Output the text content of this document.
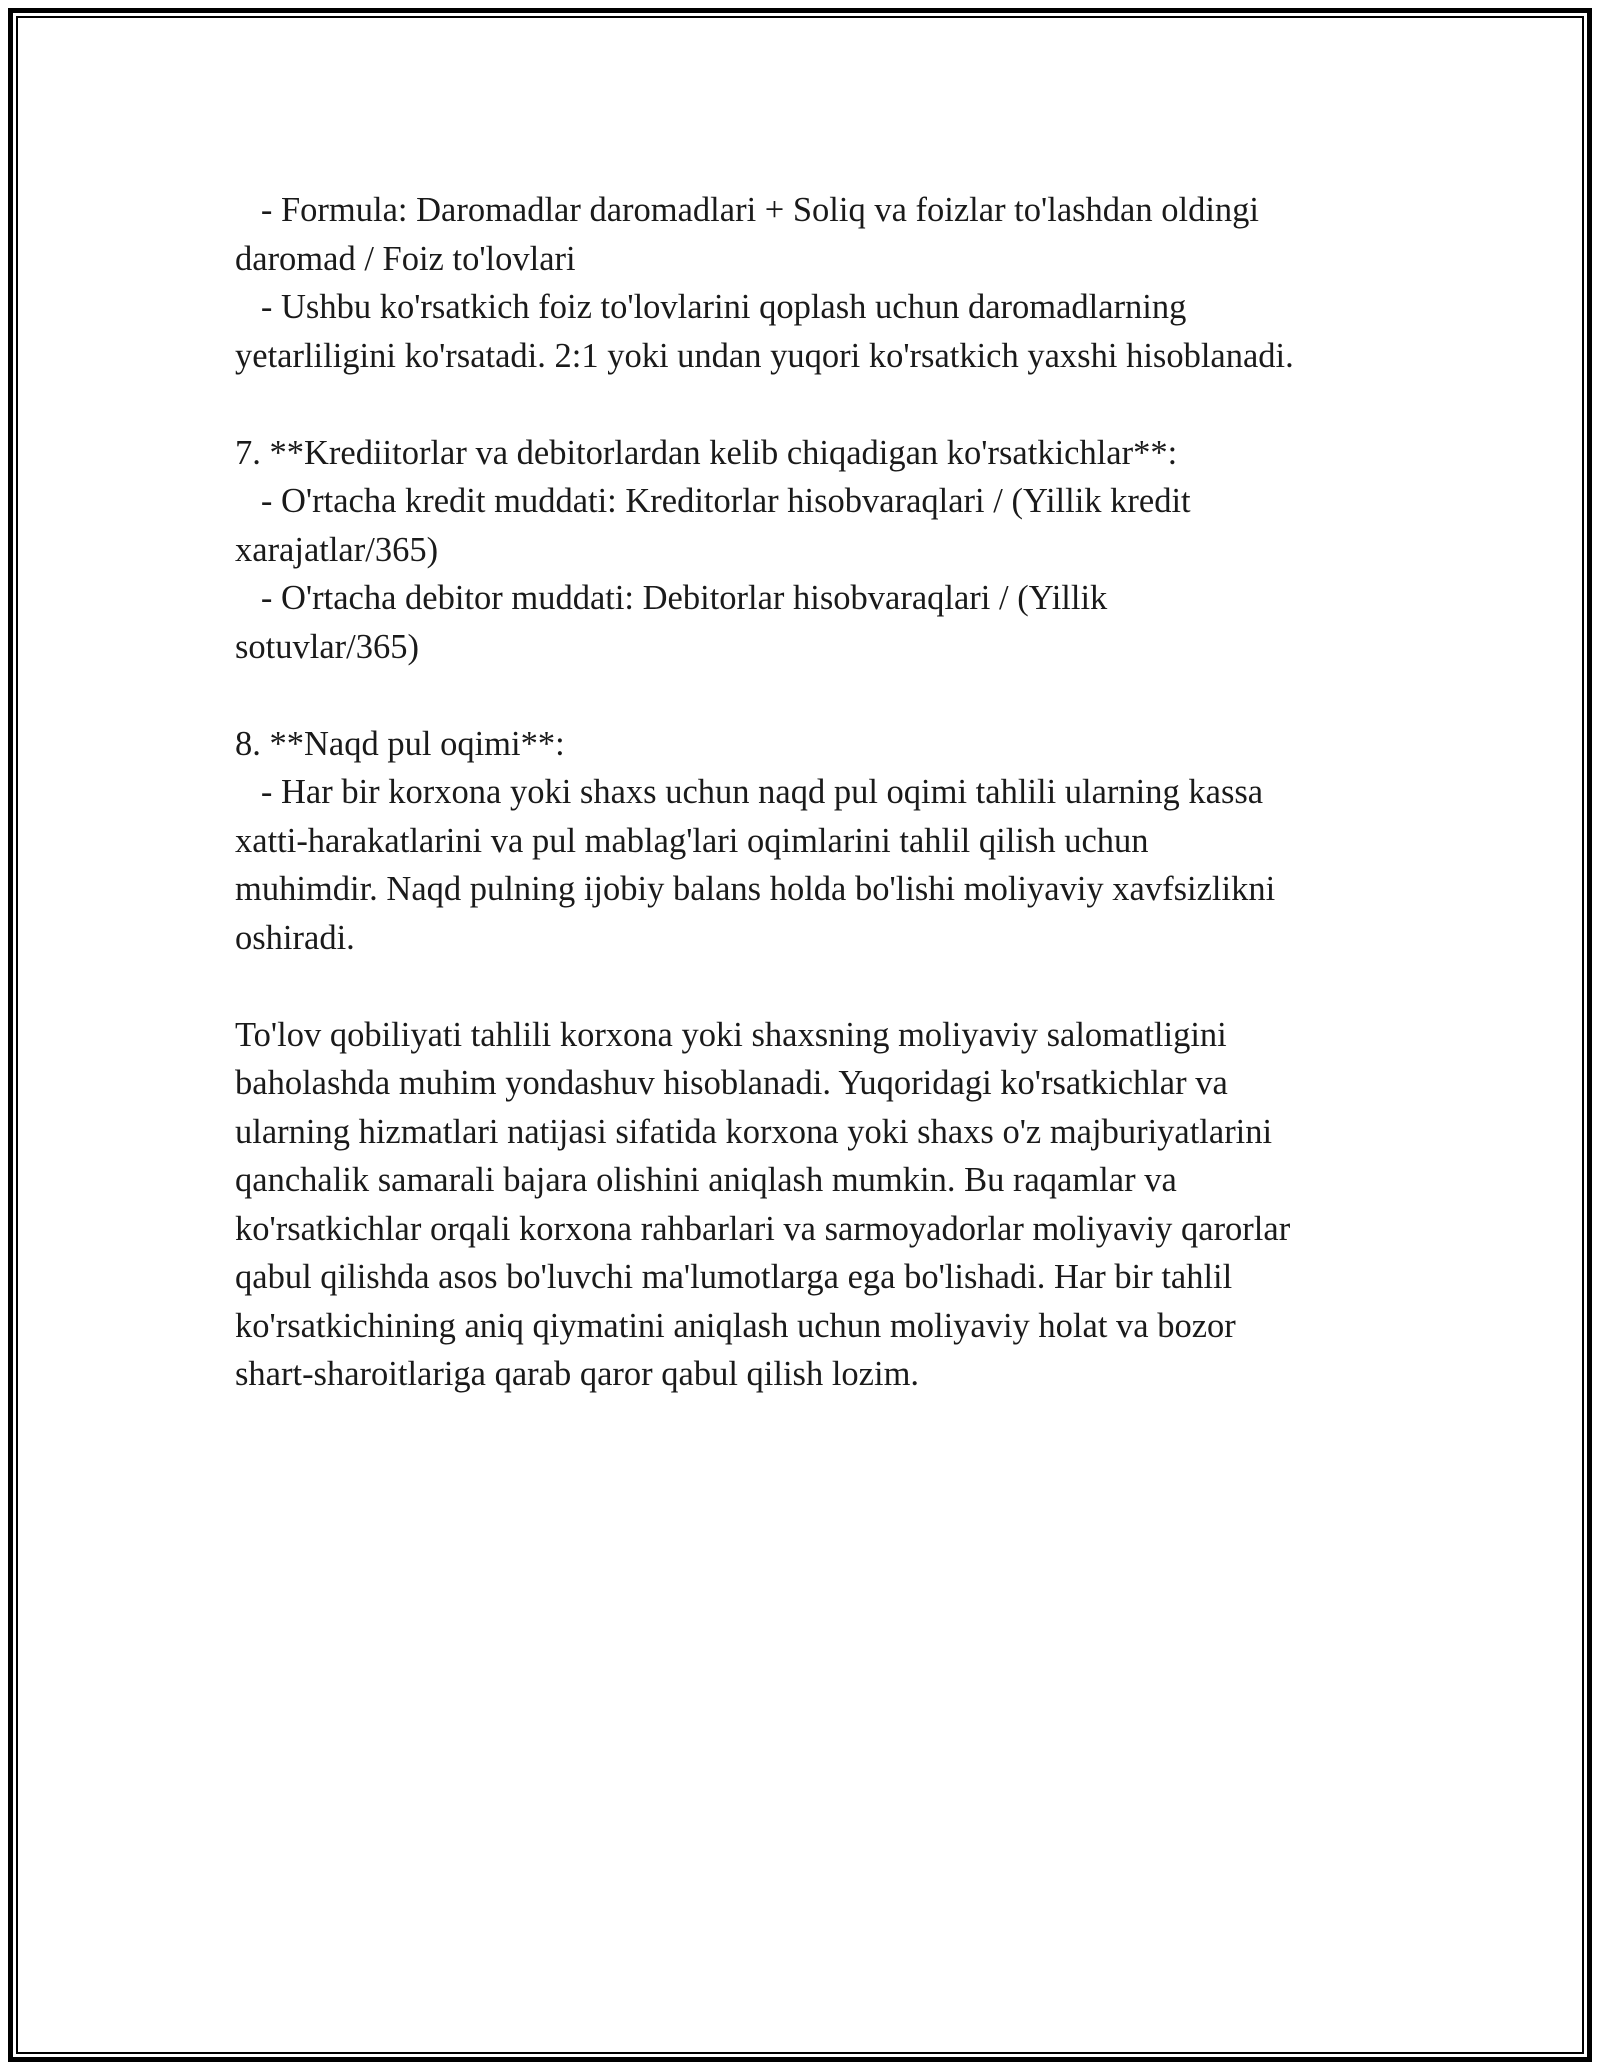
- Formula: Daromadlar daromadlari + Soliq va foizlar to'lashdan oldingi
daromad / Foiz to'lovlari
- Ushbu ko'rsatkich foiz to'lovlarini qoplash uchun daromadlarning
yetarliligini ko'rsatadi. 2:1 yoki undan yuqori ko'rsatkich yaxshi hisoblanadi.
7. **Krediitorlar va debitorlardan kelib chiqadigan ko'rsatkichlar**:
- O'rtacha kredit muddati: Kreditorlar hisobvaraqlari / (Yillik kredit
xarajatlar/365)
- O'rtacha debitor muddati: Debitorlar hisobvaraqlari / (Yillik
sotuvlar/365)
8. **Naqd pul oqimi**:
- Har bir korxona yoki shaxs uchun naqd pul oqimi tahlili ularning kassa
xatti-harakatlarini va pul mablag'lari oqimlarini tahlil qilish uchun
muhimdir. Naqd pulning ijobiy balans holda bo'lishi moliyaviy xavfsizlikni
oshiradi.
To'lov qobiliyati tahlili korxona yoki shaxsning moliyaviy salomatligini
baholashda muhim yondashuv hisoblanadi. Yuqoridagi ko'rsatkichlar va
ularning hizmatlari natijasi sifatida korxona yoki shaxs o'z majburiyatlarini
qanchalik samarali bajara olishini aniqlash mumkin. Bu raqamlar va
ko'rsatkichlar orqali korxona rahbarlari va sarmoyadorlar moliyaviy qarorlar
qabul qilishda asos bo'luvchi ma'lumotlarga ega bo'lishadi. Har bir tahlil
ko'rsatkichining aniq qiymatini aniqlash uchun moliyaviy holat va bozor
shart-sharoitlariga qarab qaror qabul qilish lozim.
